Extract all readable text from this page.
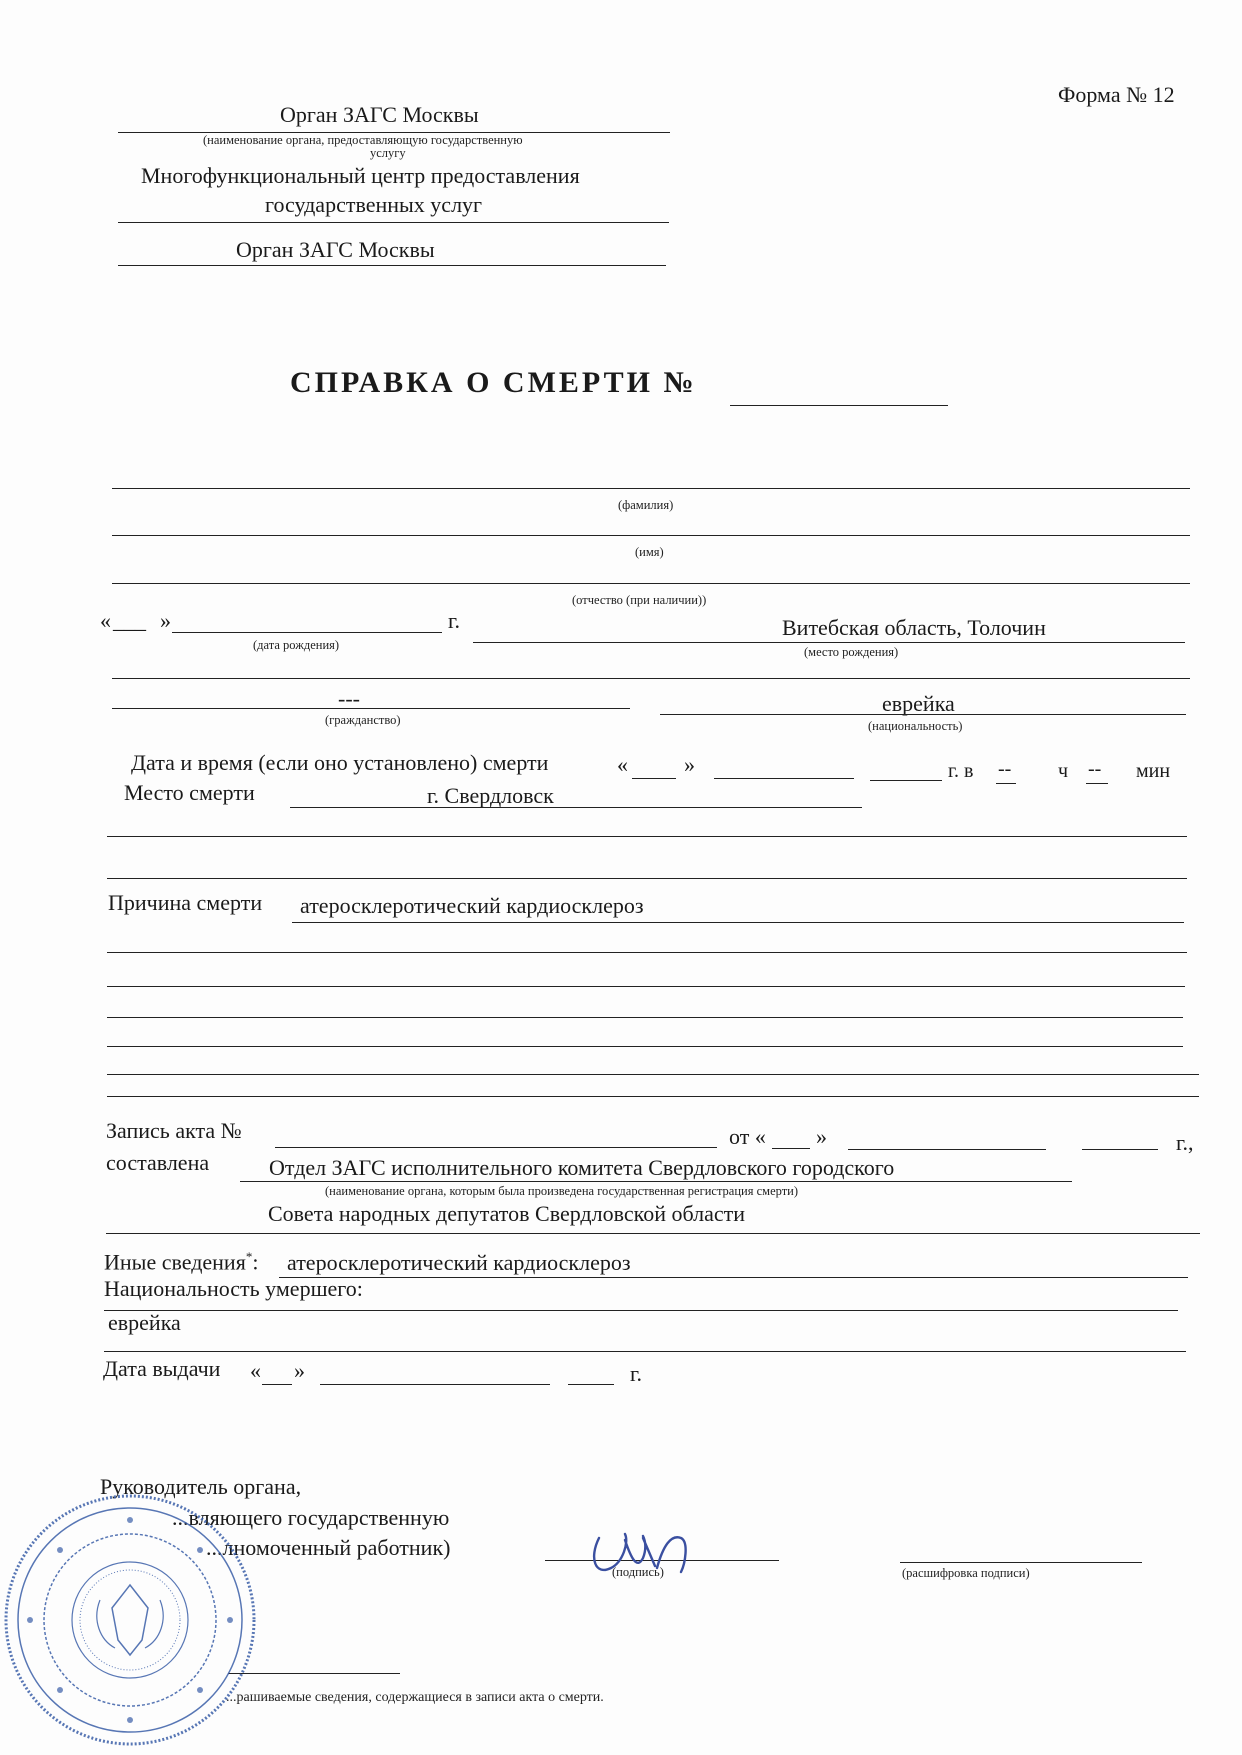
Форма № 12
Орган ЗАГС Москвы
(наименование органа, предоставляющую государственную
услугу
Многофункциональный центр предоставления
государственных услуг
Орган ЗАГС Москвы
СПРАВКА О СМЕРТИ №
(фамилия)
(имя)
(отчество (при наличии))
« ___ »	г.
(дата рождения)
Витебская область, Толочин
(место рождения)
---
(гражданство)
еврейка
(национальность)
Дата и время (если оно установлено) смерти	«	»	г. в -- ч -- мин
Место смерти	г. Свердловск
Причина смерти атеросклеротический кардиосклероз
Запись акта №	от « »	г.,
составлена	Отдел ЗАГС исполнительного комитета Свердловского городского
(наименование органа, которым была произведена государственная регистрация смерти)
Совета народных депутатов Свердловской области
Иные сведения*: атеросклеротический кардиосклероз
Национальность умершего:
еврейка
Дата выдачи « »	г.
Руководитель органа,
...вляющего государственную
...лномоченный работник)
(подпись)	(расшифровка подписи)
...рашиваемые сведения, содержащиеся в записи акта о смерти.
